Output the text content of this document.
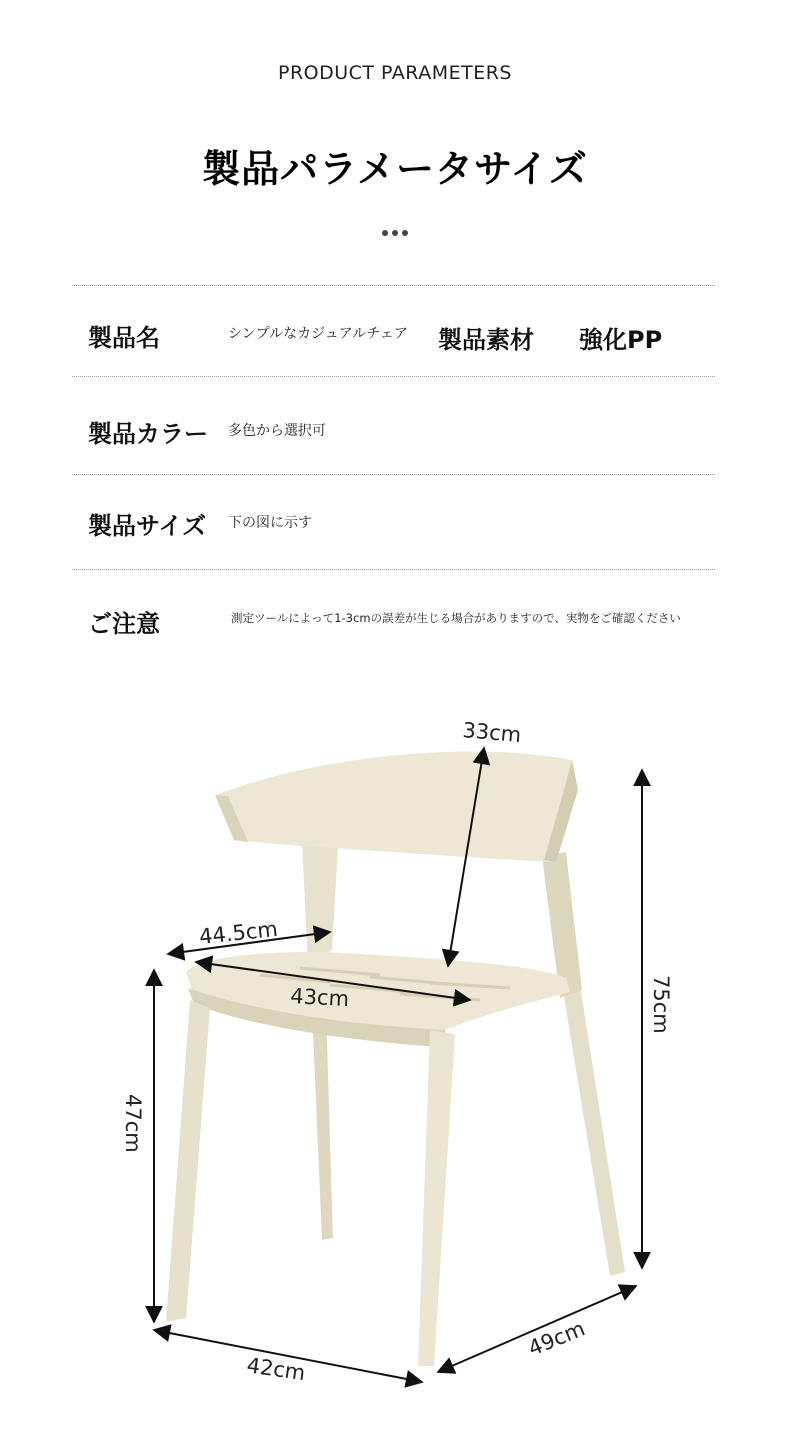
PRODUCT PARAMETERS
製品パラメータサイズ
製品名	シンプルなカジュアルチェア 製品素材 強化PP
製品カラー 多色から選択可
製品サイズ 下の図に示す
ご注意	測定ツールによって1-3cmの誤差が生じる場合がありますので、実物をご確認ください
33cm
44.5cm
43cm	75cm
47cm
42cm
49cm
